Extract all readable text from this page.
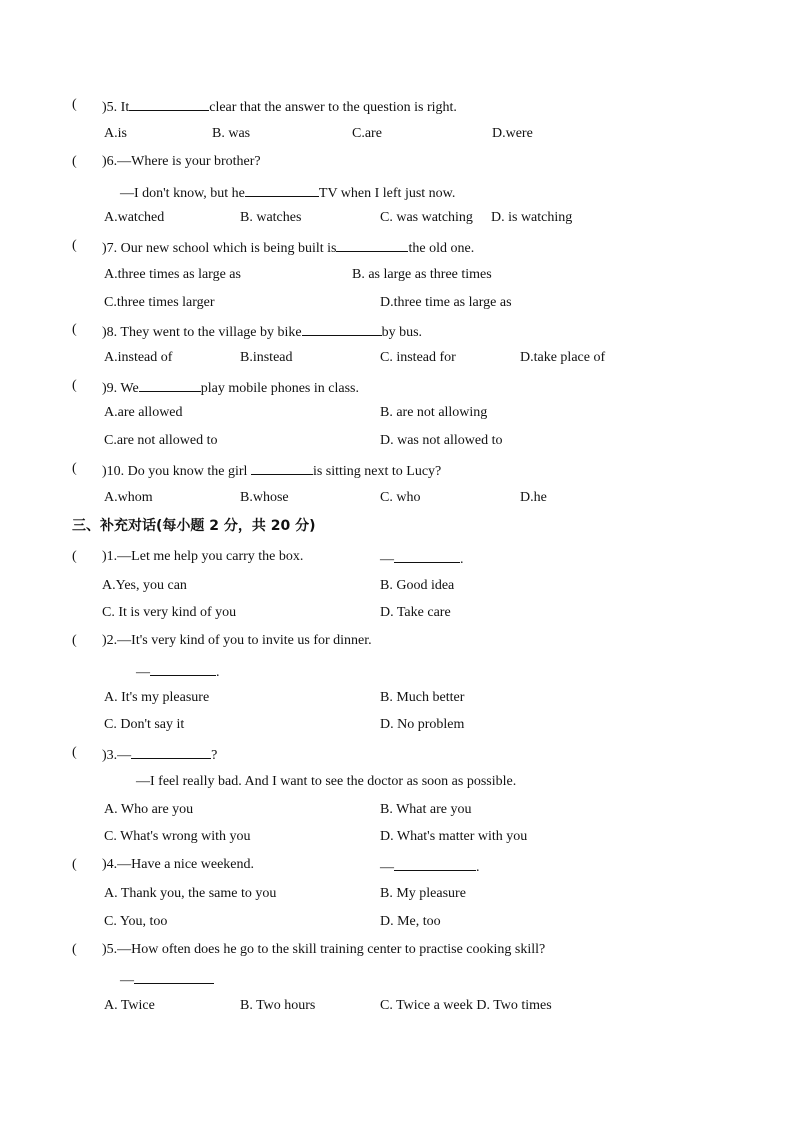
( )5. It	clear that the answer to the question is right.
A.is	B. was	C.are	D.were
( )6.—Where is your brother?
—I don't know, but he	TV when I left just now.
A.watched	B. watches	C. was watching D. is watching
( )7. Our new school which is being built is	the old one.
A.three times as large as	B. as large as three times
C.three times larger	D.three time as large as
( )8. They went to the village by bike	by bus.
A.instead of	B.instead	C. instead for	D.take place of
( )9. We	play mobile phones in class.
A.are allowed	B. are not allowing
C.are not allowed to	D. was not allowed to
( )10. Do you know the girl	is sitting next to Lucy?
A.whom	B.whose	C. who	D.he
三、补充对话(每小题 2 分，共 20 分)
( )1.—Let me help you carry the box.	—	.
A.Yes, you can	B. Good idea
C. It is very kind of you	D. Take care
( )2.—It's very kind of you to invite us for dinner.
—	.
A. It's my pleasure	B. Much better
C. Don't say it	D. No problem
( )3.—	?
—I feel really bad. And I want to see the doctor as soon as possible.
A. Who are you	B. What are you
C. What's wrong with you	D. What's matter with you
( )4.—Have a nice weekend.	—	.
A. Thank you, the same to you	B. My pleasure
C. You, too	D. Me, too
( )5.—How often does he go to the skill training center to practise cooking skill?
—
A. Twice	B. Two hours	C. Twice a week D. Two times
